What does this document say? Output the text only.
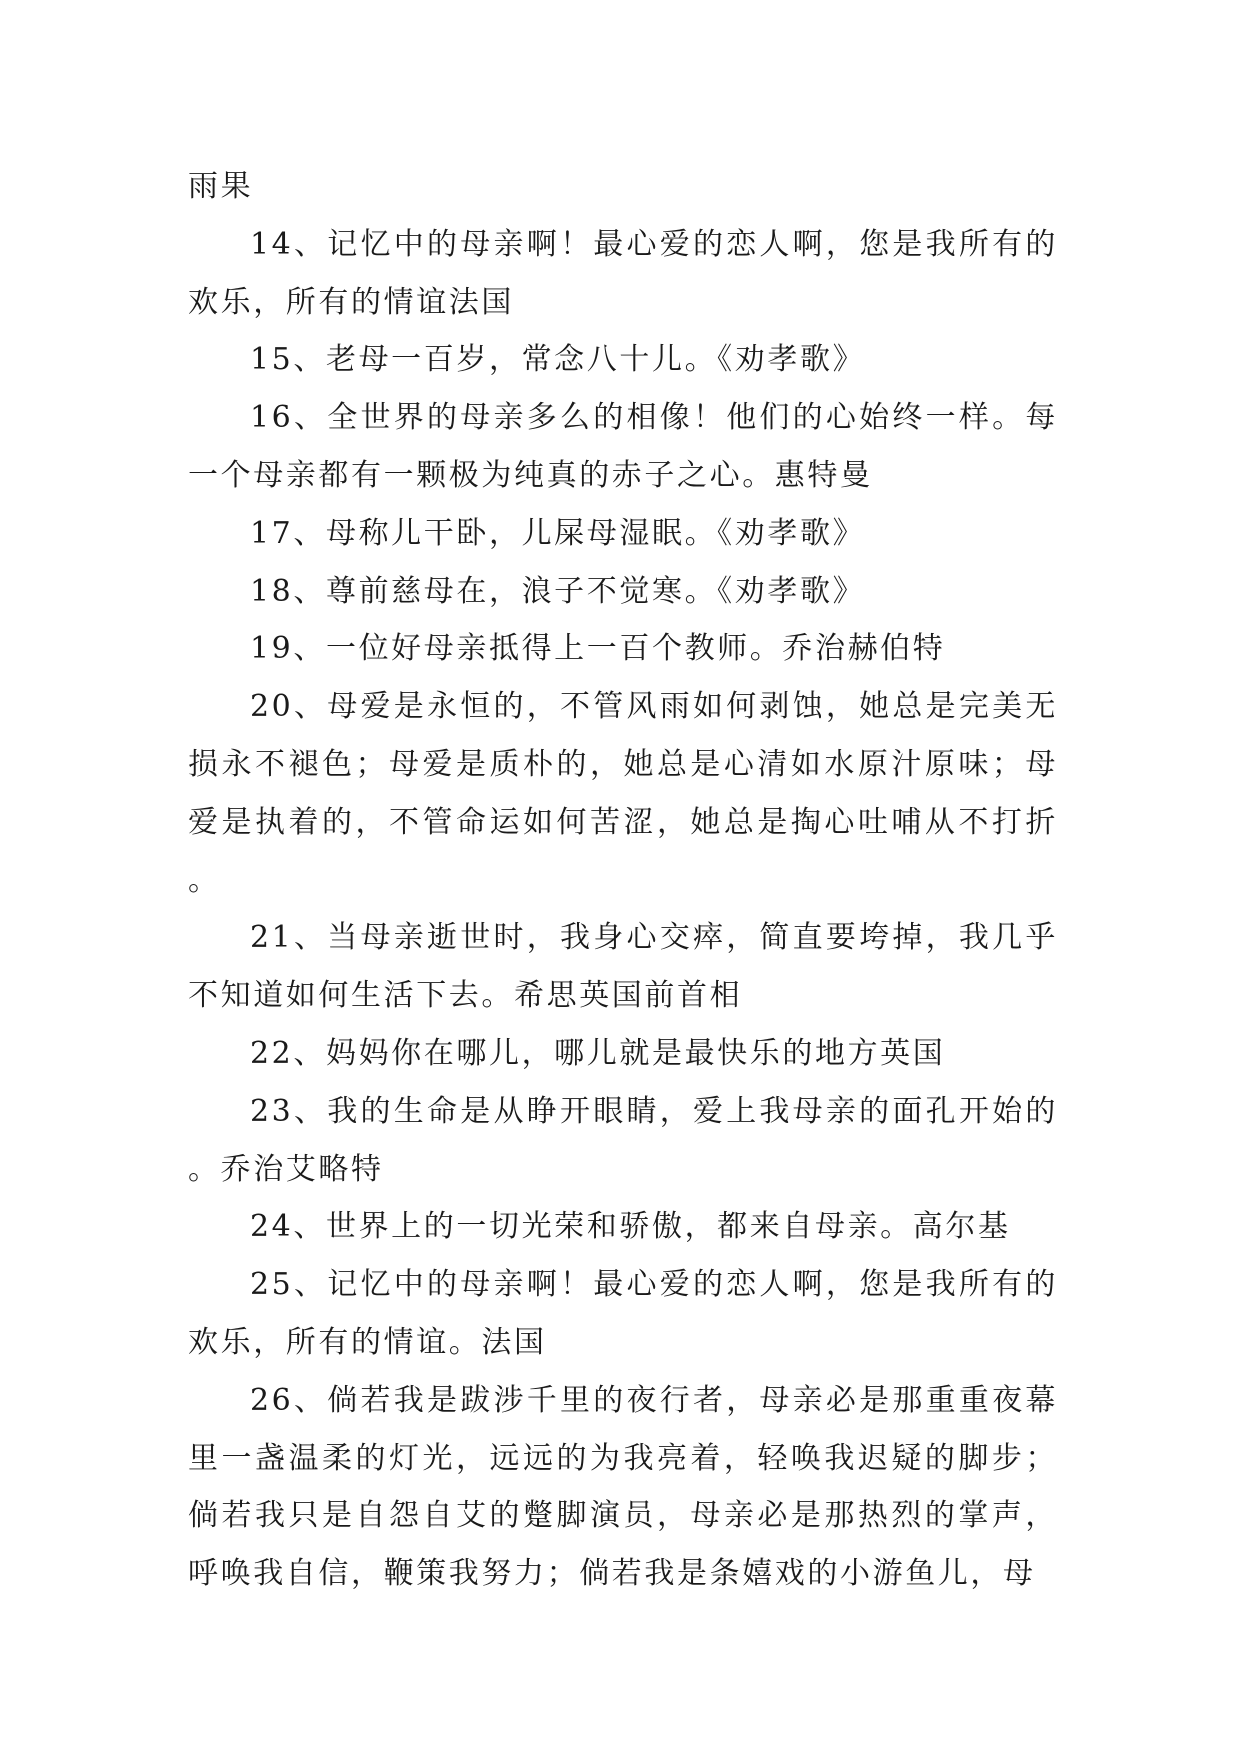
雨果

14、记忆中的母亲啊！最心爱的恋人啊，您是我所有的欢乐，所有的情谊法国

15、老母一百岁，常念八十儿。《劝孝歌》

16、全世界的母亲多么的相像！他们的心始终一样。每一个母亲都有一颗极为纯真的赤子之心。惠特曼

17、母称儿干卧，儿屎母湿眠。《劝孝歌》

18、尊前慈母在，浪子不觉寒。《劝孝歌》

19、一位好母亲抵得上一百个教师。乔治赫伯特

20、母爱是永恒的，不管风雨如何剥蚀，她总是完美无损永不褪色；母爱是质朴的，她总是心清如水原汁原味；母爱是执着的，不管命运如何苦涩，她总是掏心吐哺从不打折。

21、当母亲逝世时，我身心交瘁，简直要垮掉，我几乎不知道如何生活下去。希思英国前首相

22、妈妈你在哪儿，哪儿就是最快乐的地方英国

23、我的生命是从睁开眼睛，爱上我母亲的面孔开始的。乔治艾略特

24、世界上的一切光荣和骄傲，都来自母亲。高尔基

25、记忆中的母亲啊！最心爱的恋人啊，您是我所有的欢乐，所有的情谊。法国

26、倘若我是跋涉千里的夜行者，母亲必是那重重夜幕里一盏温柔的灯光，远远的为我亮着，轻唤我迟疑的脚步；倘若我只是自怨自艾的蹩脚演员，母亲必是那热烈的掌声，呼唤我自信，鞭策我努力；倘若我是条嬉戏的小游鱼儿，母
